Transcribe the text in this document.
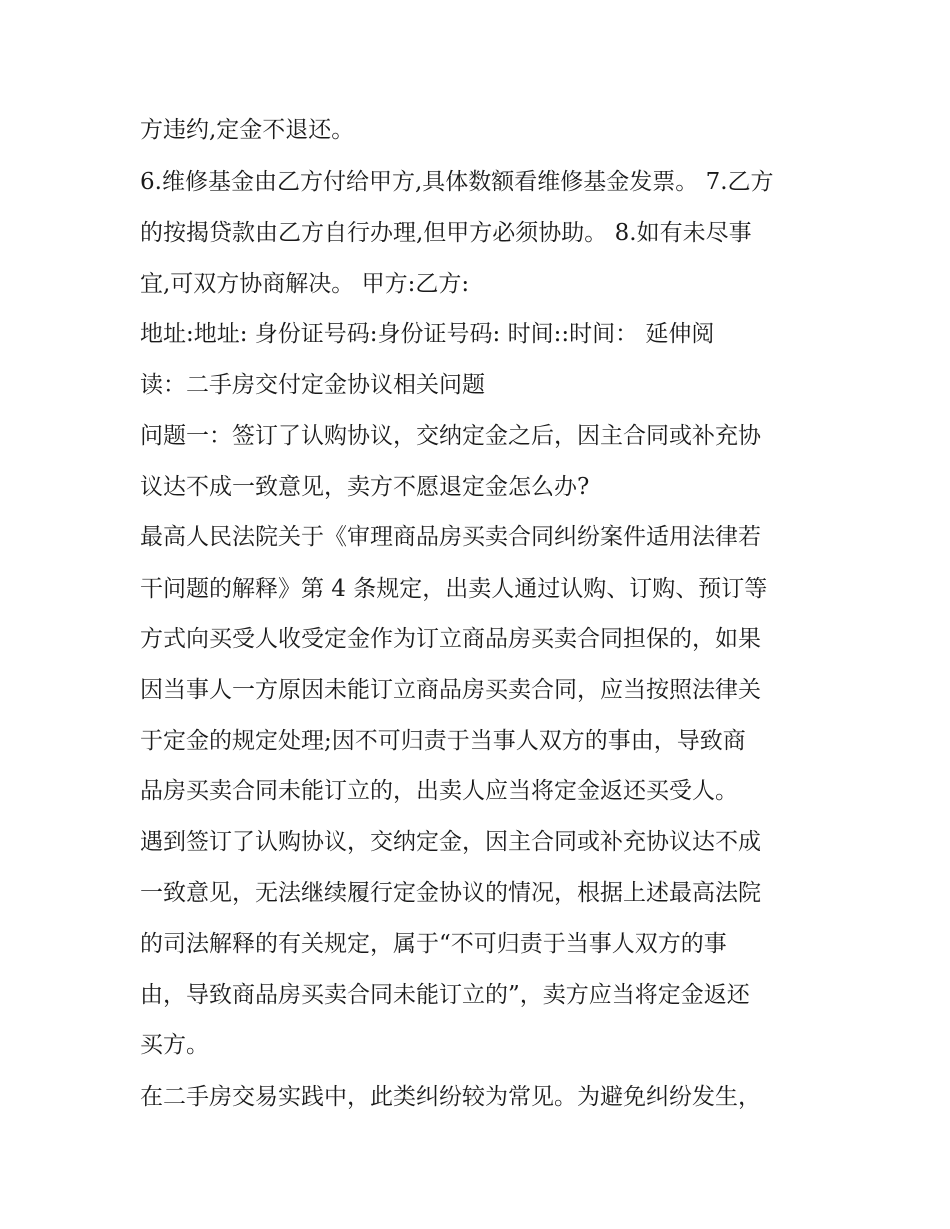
方违约,定金不退还。

6.维修基金由乙方付给甲方,具体数额看维修基金发票。 7.乙方

的按揭贷款由乙方自行办理,但甲方必须协助。 8.如有未尽事

宜,可双方协商解决。 甲方:乙方:

地址:地址: 身份证号码:身份证号码: 时间::时间： 延伸阅

读：二手房交付定金协议相关问题

问题一：签订了认购协议，交纳定金之后，因主合同或补充协

议达不成一致意见，卖方不愿退定金怎么办?

最高人民法院关于《审理商品房买卖合同纠纷案件适用法律若

干问题的解释》第 4 条规定，出卖人通过认购、订购、预订等

方式向买受人收受定金作为订立商品房买卖合同担保的，如果

因当事人一方原因未能订立商品房买卖合同，应当按照法律关

于定金的规定处理;因不可归责于当事人双方的事由，导致商

品房买卖合同未能订立的，出卖人应当将定金返还买受人。

遇到签订了认购协议，交纳定金，因主合同或补充协议达不成

一致意见，无法继续履行定金协议的情况，根据上述最高法院

的司法解释的有关规定，属于“不可归责于当事人双方的事

由，导致商品房买卖合同未能订立的”，卖方应当将定金返还

买方。

在二手房交易实践中，此类纠纷较为常见。为避免纠纷发生，
